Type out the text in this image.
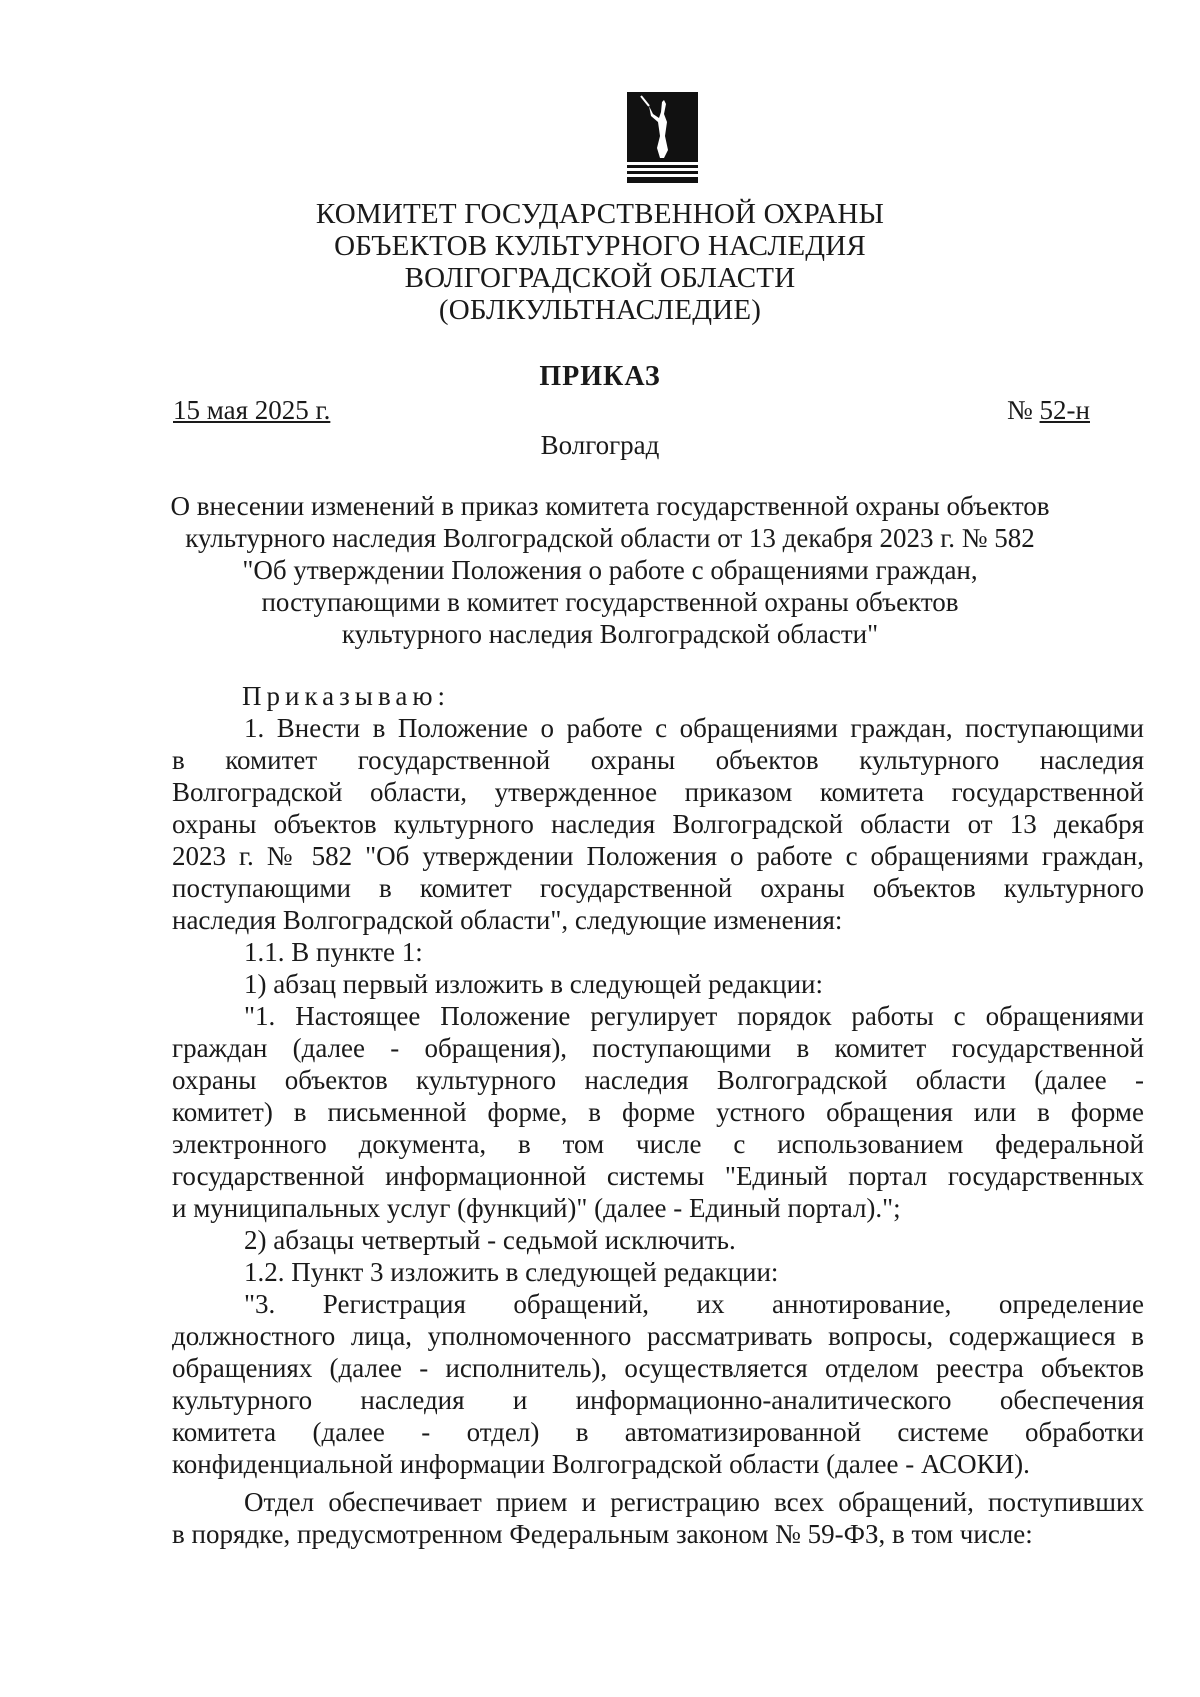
КОМИТЕТ ГОСУДАРСТВЕННОЙ ОХРАНЫ
ОБЪЕКТОВ КУЛЬТУРНОГО НАСЛЕДИЯ
ВОЛГОГРАДСКОЙ ОБЛАСТИ
(ОБЛКУЛЬТНАСЛЕДИЕ)
ПРИКАЗ
15 мая 2025 г.	№ 52-н
Волгоград
О внесении изменений в приказ комитета государственной охраны объектов
культурного наследия Волгоградской области от 13 декабря 2023 г. № 582
"Об утверждении Положения о работе с обращениями граждан,
поступающими в комитет государственной охраны объектов
культурного наследия Волгоградской области"
Приказываю:
1. Внести в Положение о работе с обращениями граждан, поступающими
в комитет государственной охраны объектов культурного наследия
Волгоградской области, утвержденное приказом комитета государственной
охраны объектов культурного наследия Волгоградской области от 13 декабря
2023 г. № 582 "Об утверждении Положения о работе с обращениями граждан,
поступающими в комитет государственной охраны объектов культурного
наследия Волгоградской области", следующие изменения:
1.1. В пункте 1:
1) абзац первый изложить в следующей редакции:
"1. Настоящее Положение регулирует порядок работы с обращениями
граждан (далее - обращения), поступающими в комитет государственной
охраны объектов культурного наследия Волгоградской области (далее -
комитет) в письменной форме, в форме устного обращения или в форме
электронного документа, в том числе с использованием федеральной
государственной информационной системы "Единый портал государственных
и муниципальных услуг (функций)" (далее - Единый портал).";
2) абзацы четвертый - седьмой исключить.
1.2. Пункт 3 изложить в следующей редакции:
"3. Регистрация обращений, их аннотирование, определение
должностного лица, уполномоченного рассматривать вопросы, содержащиеся в
обращениях (далее - исполнитель), осуществляется отделом реестра объектов
культурного наследия и информационно-аналитического обеспечения
комитета (далее - отдел) в автоматизированной системе обработки
конфиденциальной информации Волгоградской области (далее - АСОКИ).
Отдел обеспечивает прием и регистрацию всех обращений, поступивших
в порядке, предусмотренном Федеральным законом № 59-ФЗ, в том числе:
